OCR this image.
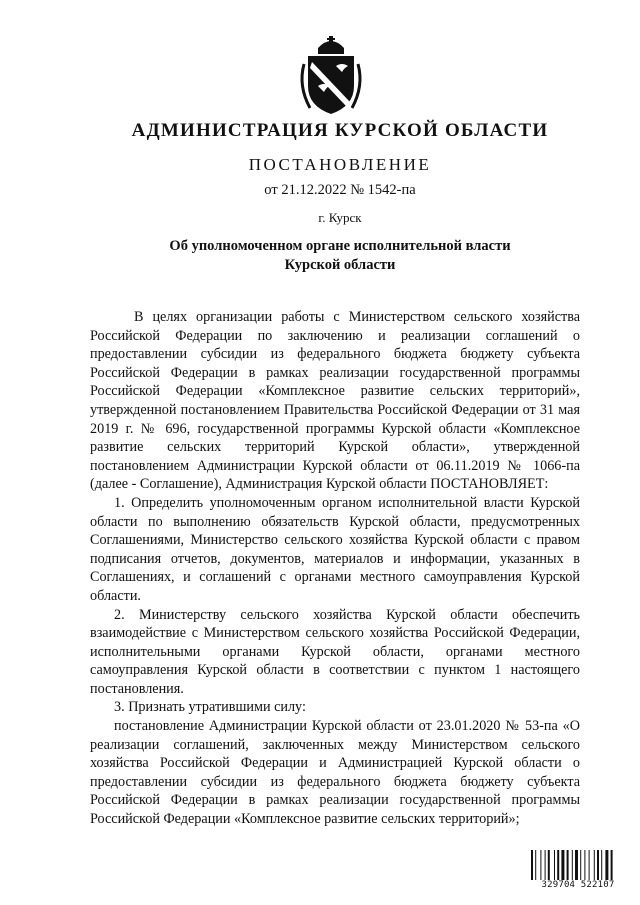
АДМИНИСТРАЦИЯ КУРСКОЙ ОБЛАСТИ
ПОСТАНОВЛЕНИЕ
от 21.12.2022 № 1542-па
г. Курск
Об уполномоченном органе исполнительной власти
Курской области

В целях организации работы с Министерством сельского хозяйства Российской Федерации по заключению и реализации соглашений о предоставлении субсидии из федерального бюджета бюджету субъекта Российской Федерации в рамках реализации государственной программы Российской Федерации «Комплексное развитие сельских территорий», утвержденной постановлением Правительства Российской Федерации от 31 мая 2019 г. № 696, государственной программы Курской области «Комплексное развитие сельских территорий Курской области», утвержденной постановлением Администрации Курской области от 06.11.2019 № 1066-па (далее - Соглашение), Администрация Курской области ПОСТАНОВЛЯЕТ:

1. Определить уполномоченным органом исполнительной власти Курской области по выполнению обязательств Курской области, предусмотренных Соглашениями, Министерство сельского хозяйства Курской области с правом подписания отчетов, документов, материалов и информации, указанных в Соглашениях, и соглашений с органами местного самоуправления Курской области.

2. Министерству сельского хозяйства Курской области обеспечить взаимодействие с Министерством сельского хозяйства Российской Федерации, исполнительными органами Курской области, органами местного самоуправления Курской области в соответствии с пунктом 1 настоящего постановления.

3. Признать утратившими силу:

постановление Администрации Курской области от 23.01.2020 № 53-па «О реализации соглашений, заключенных между Министерством сельского хозяйства Российской Федерации и Администрацией Курской области о предоставлении субсидии из федерального бюджета бюджету субъекта Российской Федерации в рамках реализации государственной программы Российской Федерации «Комплексное развитие сельских территорий»;

329704 522107
